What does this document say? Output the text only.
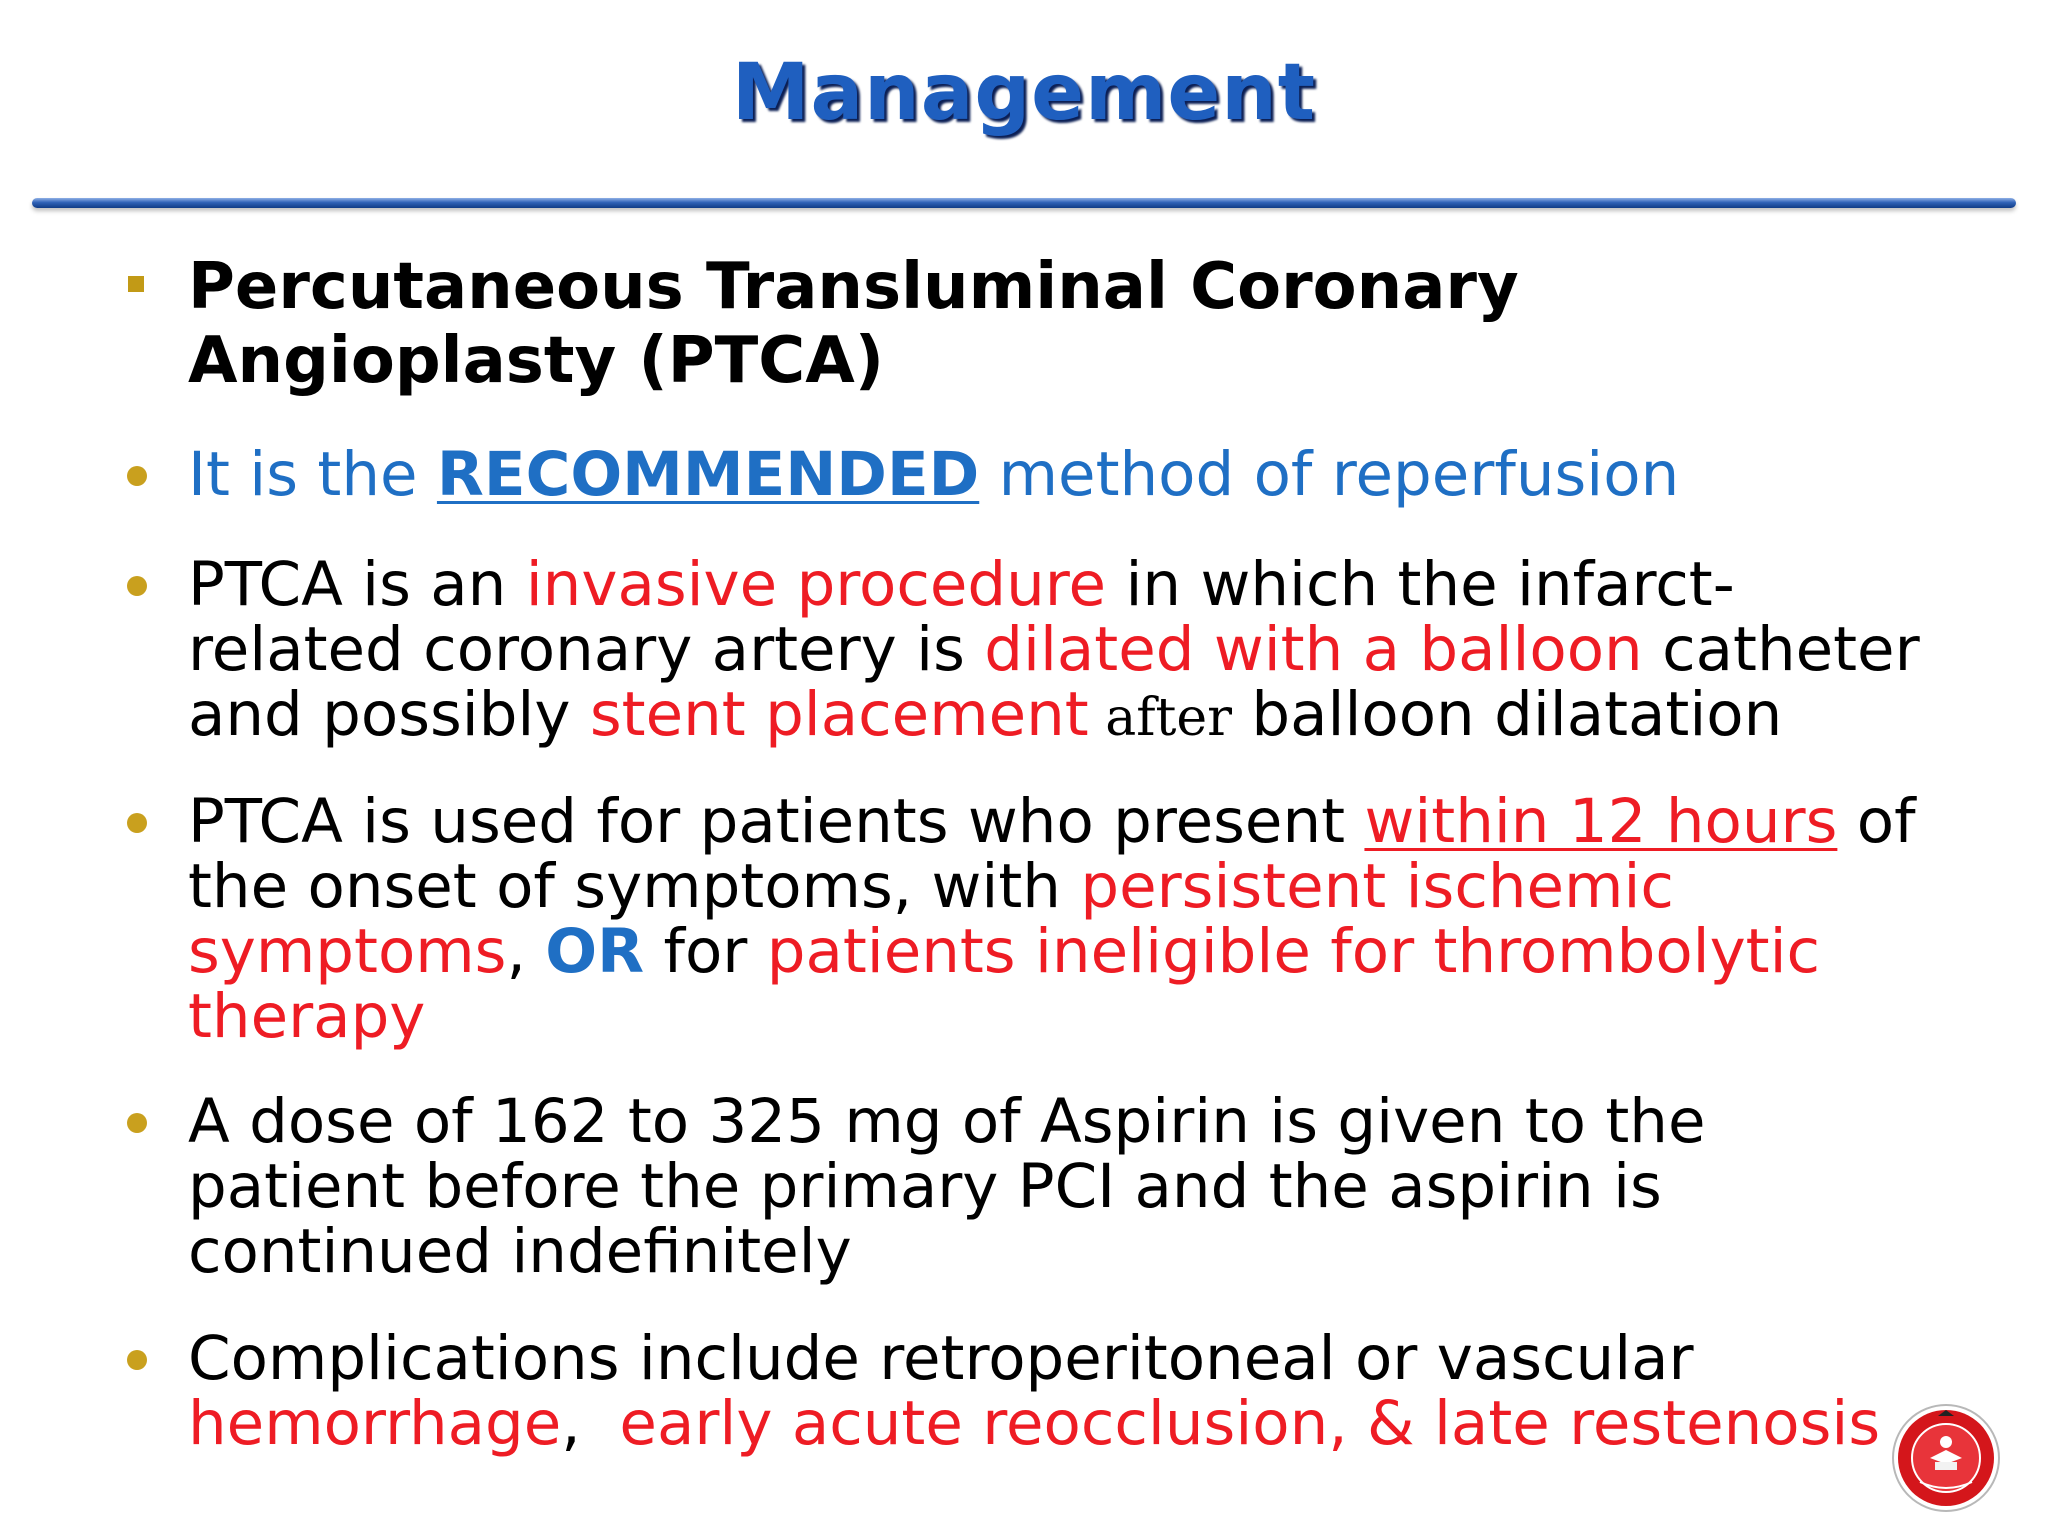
Management
Percutaneous Transluminal Coronary
Angioplasty (PTCA)
It is the RECOMMENDED method of reperfusion
PTCA is an invasive procedure in which the infarct-
related coronary artery is dilated with a balloon catheter
and possibly stent placement after balloon dilatation
PTCA is used for patients who present within 12 hours of
the onset of symptoms, with persistent ischemic
symptoms, OR for patients ineligible for thrombolytic
therapy
A dose of 162 to 325 mg of Aspirin is given to the
patient before the primary PCI and the aspirin is
continued indefinitely
Complications include retroperitoneal or vascular
hemorrhage,  early acute reocclusion, & late restenosis
